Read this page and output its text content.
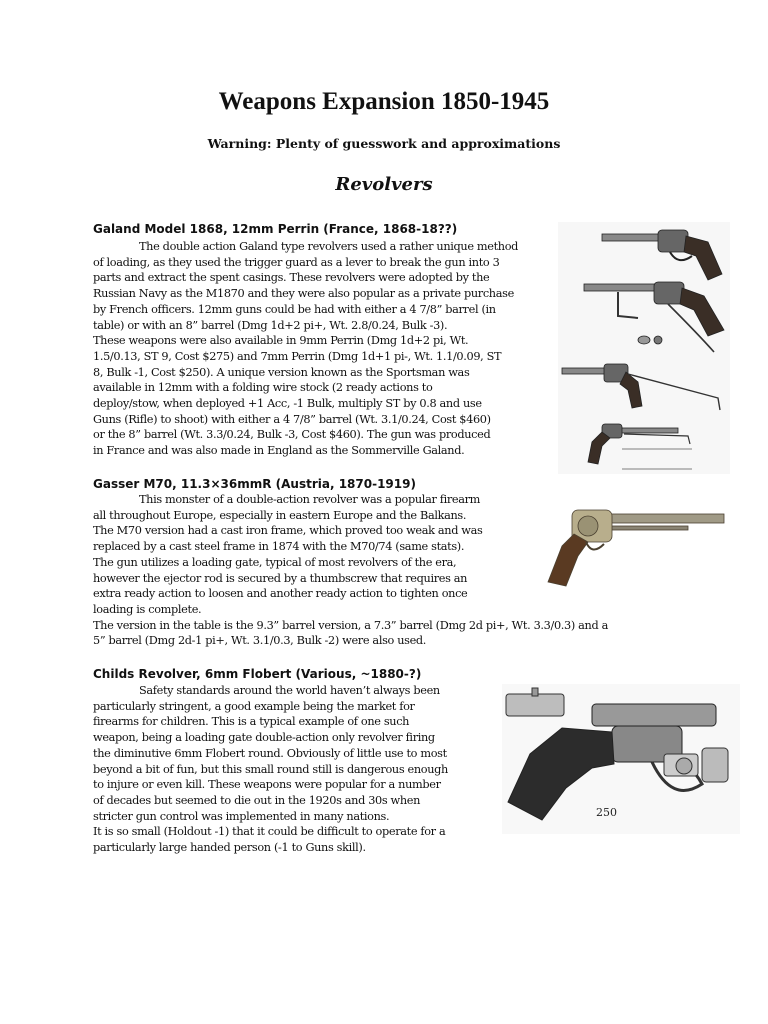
Weapons Expansion 1850-1945
Warning: Plenty of guesswork and approximations
Revolvers
Galand Model 1868, 12mm Perrin (France, 1868-18??)

The double action Galand type revolvers used a rather unique method

of loading, as they used the trigger guard as a lever to break the gun into 3

parts and extract the spent casings. These revolvers were adopted by the

Russian Navy as the M1870 and they were also popular as a private purchase

by French officers. 12mm guns could be had with either a 4 7/8” barrel (in

table) or with an 8” barrel (Dmg 1d+2 pi+, Wt. 2.8/0.24, Bulk -3).

These weapons were also available in 9mm Perrin (Dmg 1d+2 pi, Wt.

1.5/0.13, ST 9, Cost $275) and 7mm Perrin (Dmg 1d+1 pi-, Wt. 1.1/0.09, ST

8, Bulk -1, Cost $250). A unique version known as the Sportsman was

available in 12mm with a folding wire stock (2 ready actions to

deploy/stow, when deployed +1 Acc, -1 Bulk, multiply ST by 0.8 and use

Guns (Rifle) to shoot) with either a 4 7/8” barrel (Wt. 3.1/0.24, Cost $460)

or the 8” barrel (Wt. 3.3/0.24, Bulk -3, Cost $460). The gun was produced

in France and was also made in England as the Sommerville Galand.

Gasser M70, 11.3×36mmR (Austria, 1870-1919)

This monster of a double-action revolver was a popular firearm

all throughout Europe, especially in eastern Europe and the Balkans.

The M70 version had a cast iron frame, which proved too weak and was

replaced by a cast steel frame in 1874 with the M70/74 (same stats).

The gun utilizes a loading gate, typical of most revolvers of the era,

however the ejector rod is secured by a thumbscrew that requires an

extra ready action to loosen and another ready action to tighten once

loading is complete.

The version in the table is the 9.3” barrel version, a 7.3” barrel (Dmg 2d pi+, Wt. 3.3/0.3) and a

5” barrel (Dmg 2d-1 pi+, Wt. 3.1/0.3, Bulk -2) were also used.

Childs Revolver, 6mm Flobert (Various, ~1880-?)

Safety standards around the world haven’t always been

particularly stringent, a good example being the market for

firearms for children. This is a typical example of one such

weapon, being a loading gate double-action only revolver firing

the diminutive 6mm Flobert round. Obviously of little use to most

beyond a bit of fun, but this small round still is dangerous enough

to injure or even kill. These weapons were popular for a number

of decades but seemed to die out in the 1920s and 30s when

stricter gun control was implemented in many nations.

It is so small (Holdout -1) that it could be difficult to operate for a

particularly large handed person (-1 to Guns skill).

250
